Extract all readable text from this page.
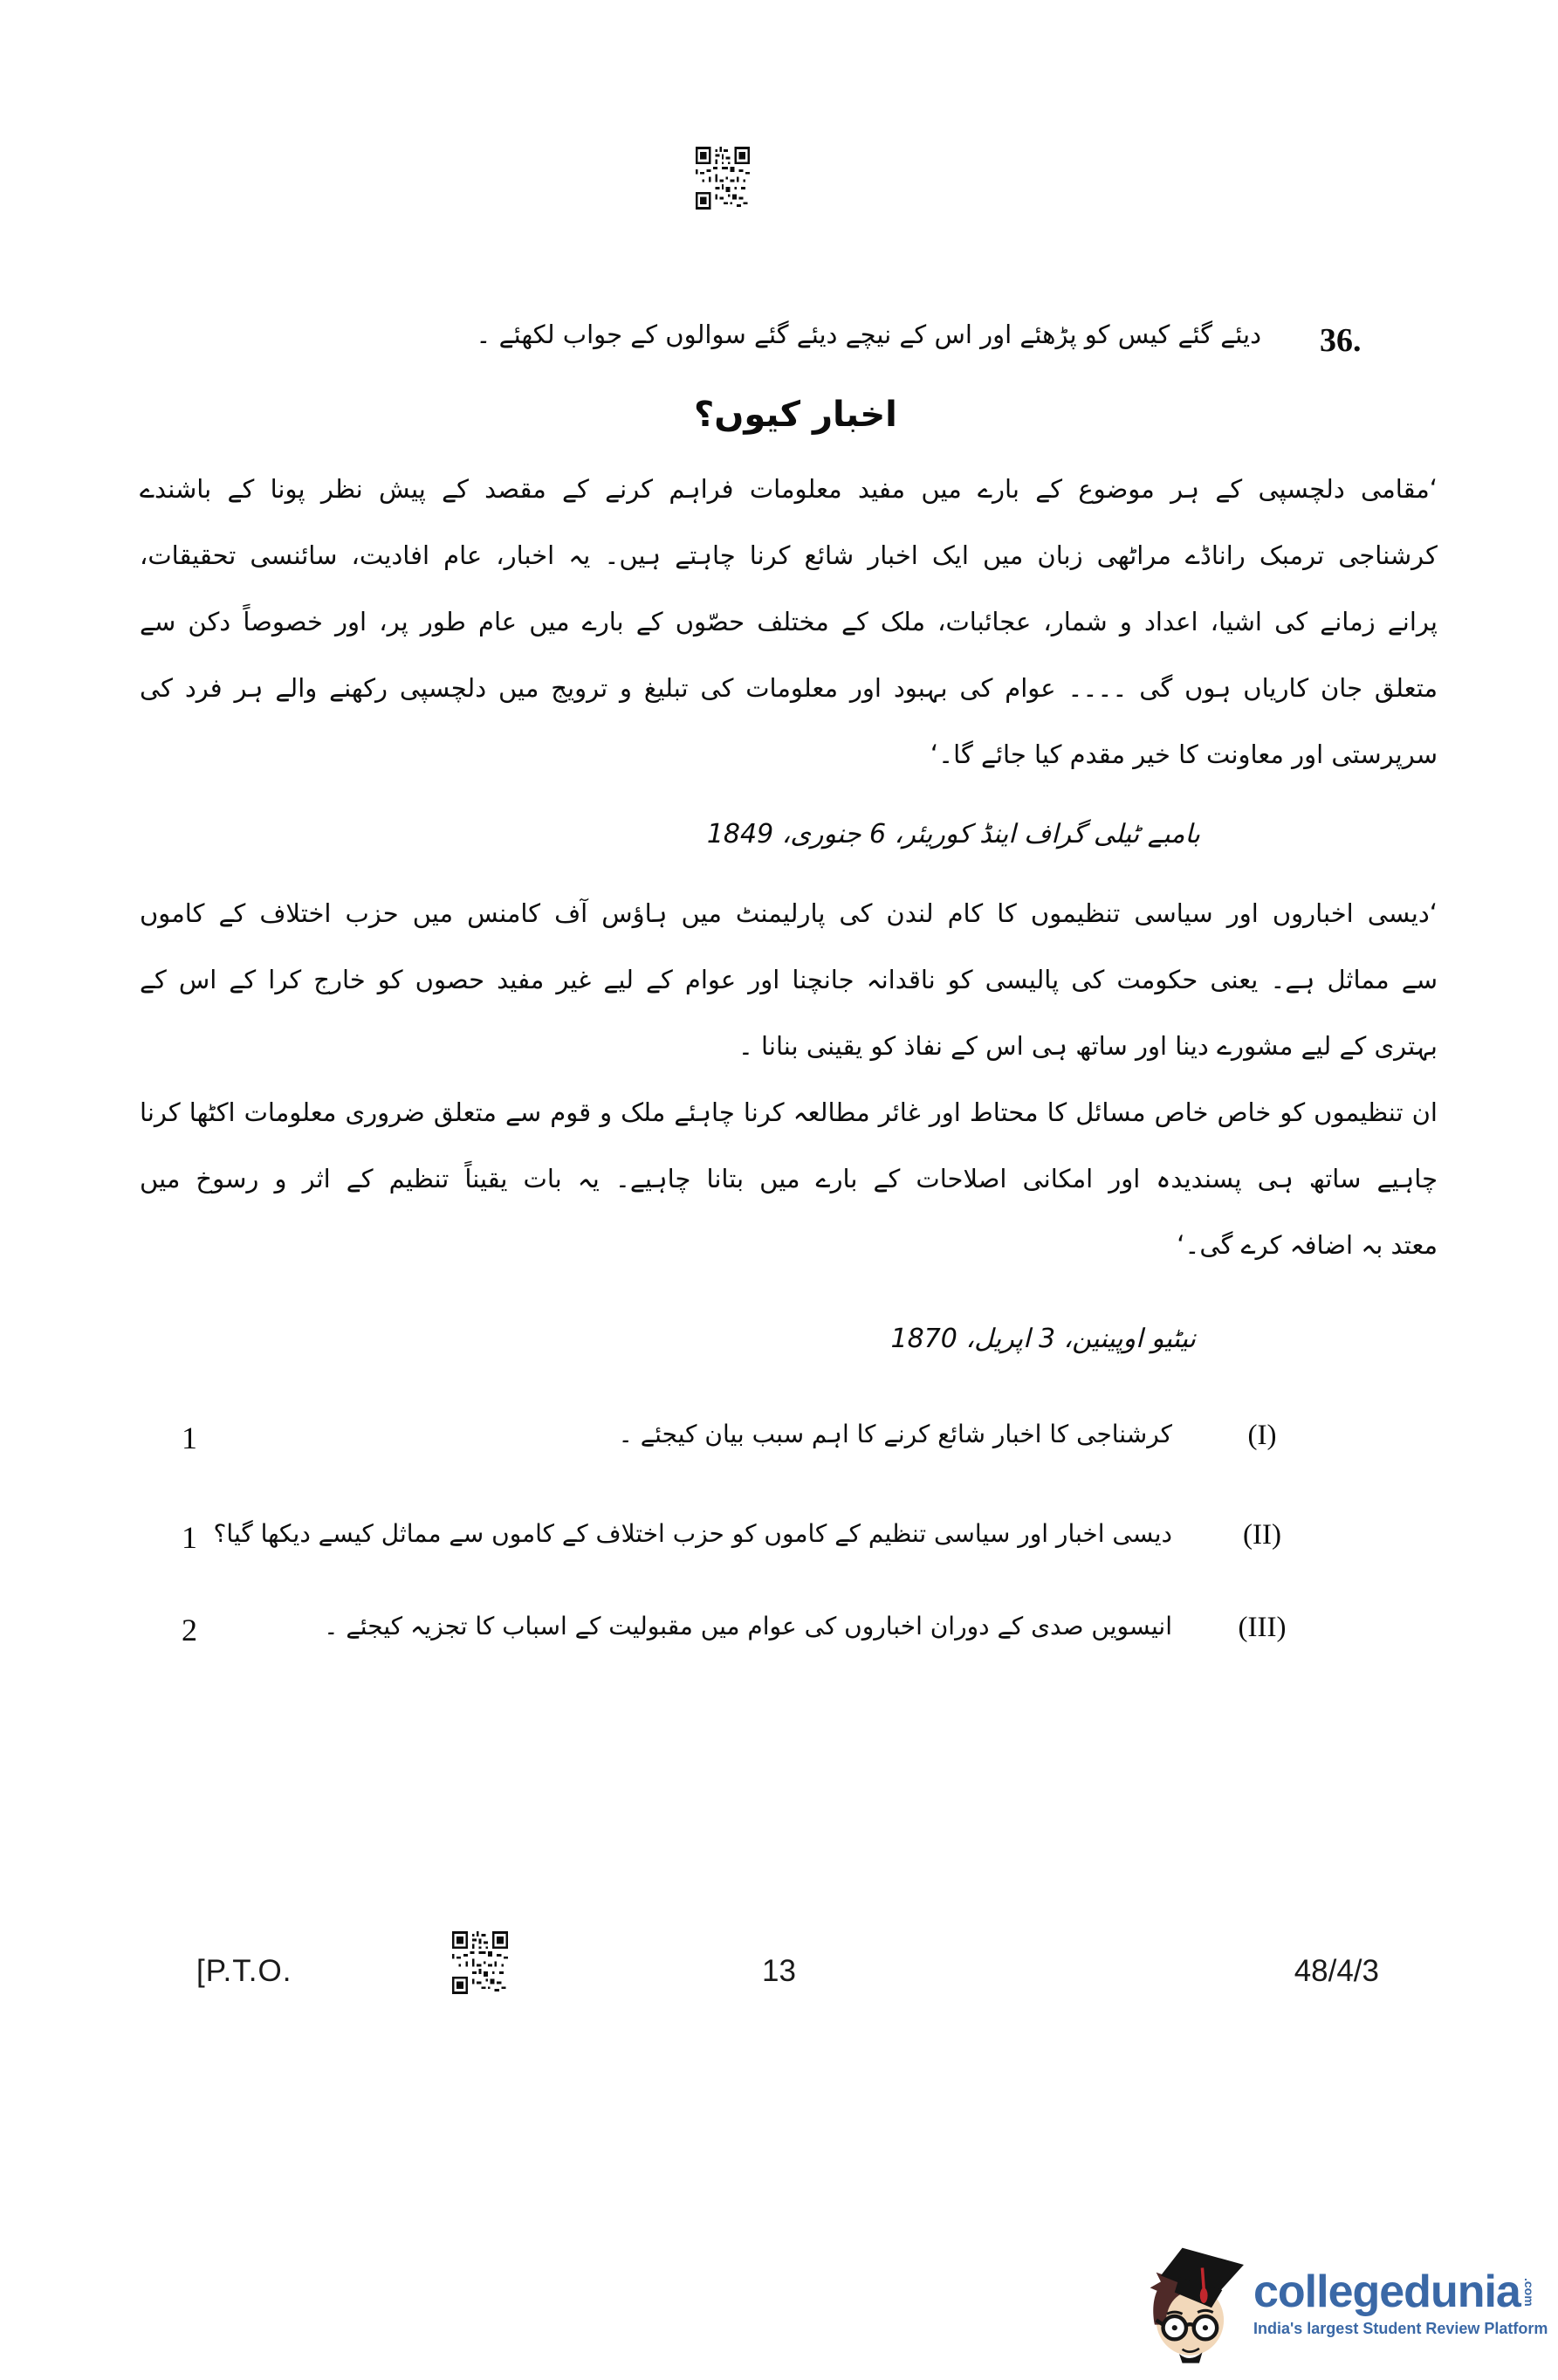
36.
دیئے گئے کیس کو پڑھئے اور اس کے نیچے دیئے گئے سوالوں کے جواب لکھئے ۔
اخبار کیوں؟
‘مقامی دلچسپی کے ہر موضوع کے بارے میں مفید معلومات فراہم کرنے کے مقصد کے پیش نظر پونا کے باشندے
کرشناجی ترمبک راناڈے مراٹھی زبان میں ایک اخبار شائع کرنا چاہتے ہیں۔ یہ اخبار، عام افادیت، سائنسی تحقیقات،
پرانے زمانے کی اشیا، اعداد و شمار، عجائبات، ملک کے مختلف حصّوں کے بارے میں عام طور پر، اور خصوصاً دکن سے
متعلق جان کاریاں ہوں گی ۔۔۔۔ عوام کی بہبود اور معلومات کی تبلیغ و ترویج میں دلچسپی رکھنے والے ہر فرد کی
سرپرستی اور معاونت کا خیر مقدم کیا جائے گا۔‘
بامبے ٹیلی گراف اینڈ کوریئر، 6 جنوری، 1849
‘دیسی اخباروں اور سیاسی تنظیموں کا کام لندن کی پارلیمنٹ میں ہاؤس آف کامنس میں حزب اختلاف کے کاموں
سے مماثل ہے۔ یعنی حکومت کی پالیسی کو ناقدانہ جانچنا اور عوام کے لیے غیر مفید حصوں کو خارج کرا کے اس کے
بہتری کے لیے مشورے دینا اور ساتھ ہی اس کے نفاذ کو یقینی بنانا ۔
ان تنظیموں کو خاص خاص مسائل کا محتاط اور غائر مطالعہ کرنا چاہئے ملک و قوم سے متعلق ضروری معلومات اکٹھا کرنا
چاہیے ساتھ ہی پسندیدہ اور امکانی اصلاحات کے بارے میں بتانا چاہیے۔ یہ بات یقیناً تنظیم کے اثر و رسوخ میں
معتد بہ اضافہ کرے گی۔‘
نیٹیو اوپینین، 3 اپریل، 1870
1	(I)
کرشناجی کا اخبار شائع کرنے کا اہم سبب بیان کیجئے ۔
1	(II)
دیسی اخبار اور سیاسی تنظیم کے کاموں کو حزب اختلاف کے کاموں سے مماثل کیسے دیکھا گیا؟
2	(III)
انیسویں صدی کے دوران اخباروں کی عوام میں مقبولیت کے اسباب کا تجزیہ کیجئے ۔
[P.T.O.	13	48/4/3
collegedunia .com
India's largest Student Review Platform
